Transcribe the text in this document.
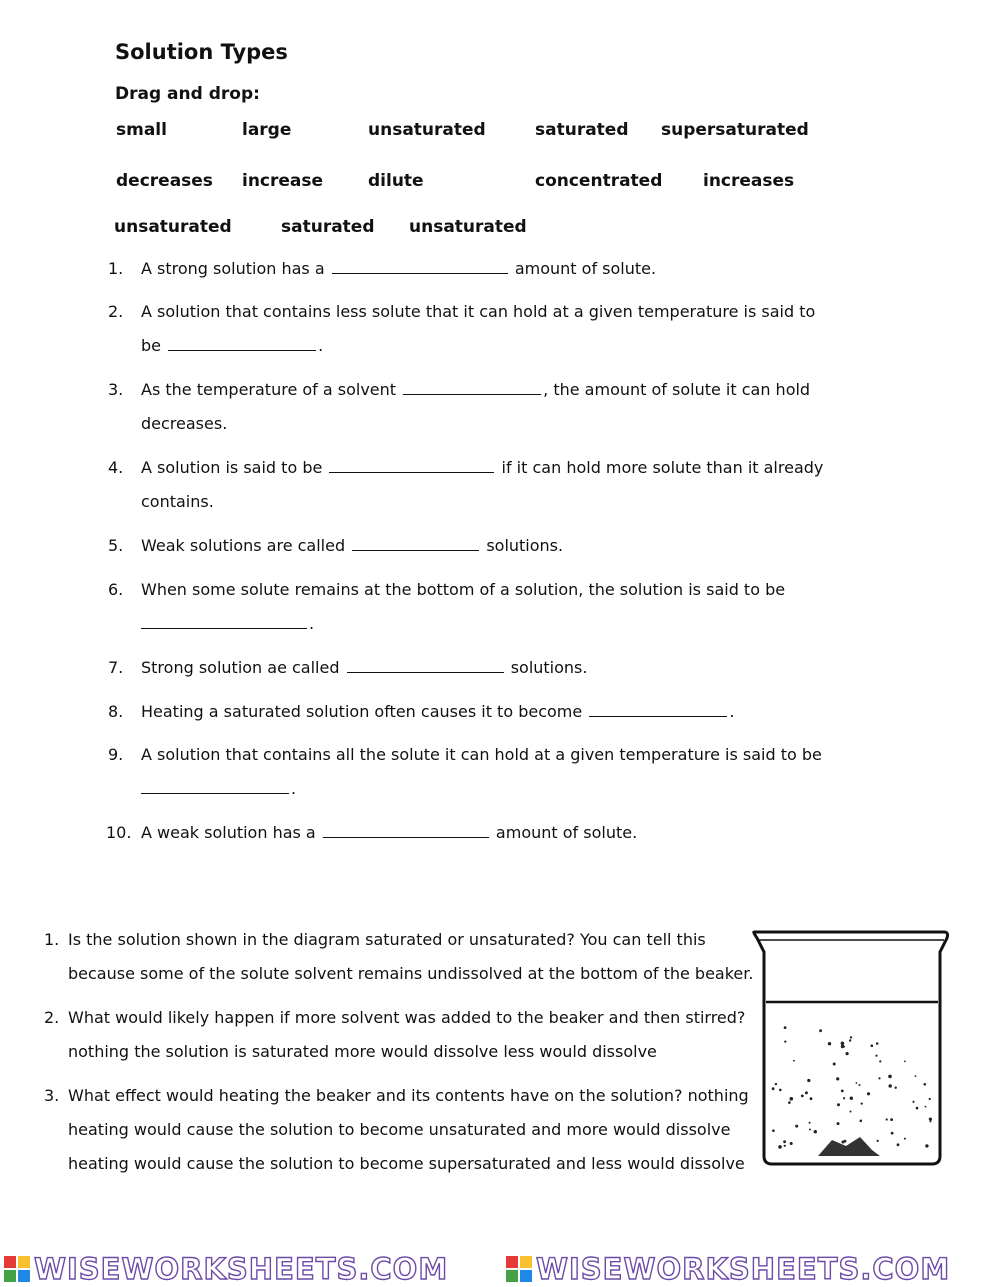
Solution Types
Drag and drop:
small	large	unsaturated	saturated supersaturated
decreases increase	dilute	concentrated increases
unsaturated	saturated unsaturated
1.	A strong solution has a	amount of solute.
2.	A solution that contains less solute that it can hold at a given temperature is said to
be	.
3.	As the temperature of a solvent	, the amount of solute it can hold
decreases.
4.	A solution is said to be	if it can hold more solute than it already
contains.
5.	Weak solutions are called	solutions.
6.	When some solute remains at the bottom of a solution, the solution is said to be
.
7.	Strong solution ae called	solutions.
8.	Heating a saturated solution often causes it to become	.
9.	A solution that contains all the solute it can hold at a given temperature is said to be
.
10. A weak solution has a	amount of solute.
1. Is the solution shown in the diagram saturated or unsaturated? You can tell this
because some of the solute solvent remains undissolved at the bottom of the beaker.
2. What would likely happen if more solvent was added to the beaker and then stirred?
nothing the solution is saturated more would dissolve less would dissolve
3. What effect would heating the beaker and its contents have on the solution? nothing
heating would cause the solution to become unsaturated and more would dissolve
heating would cause the solution to become supersaturated and less would dissolve
WISEWORKSHEETS.COM	WISEWORKSHEETS.COM
